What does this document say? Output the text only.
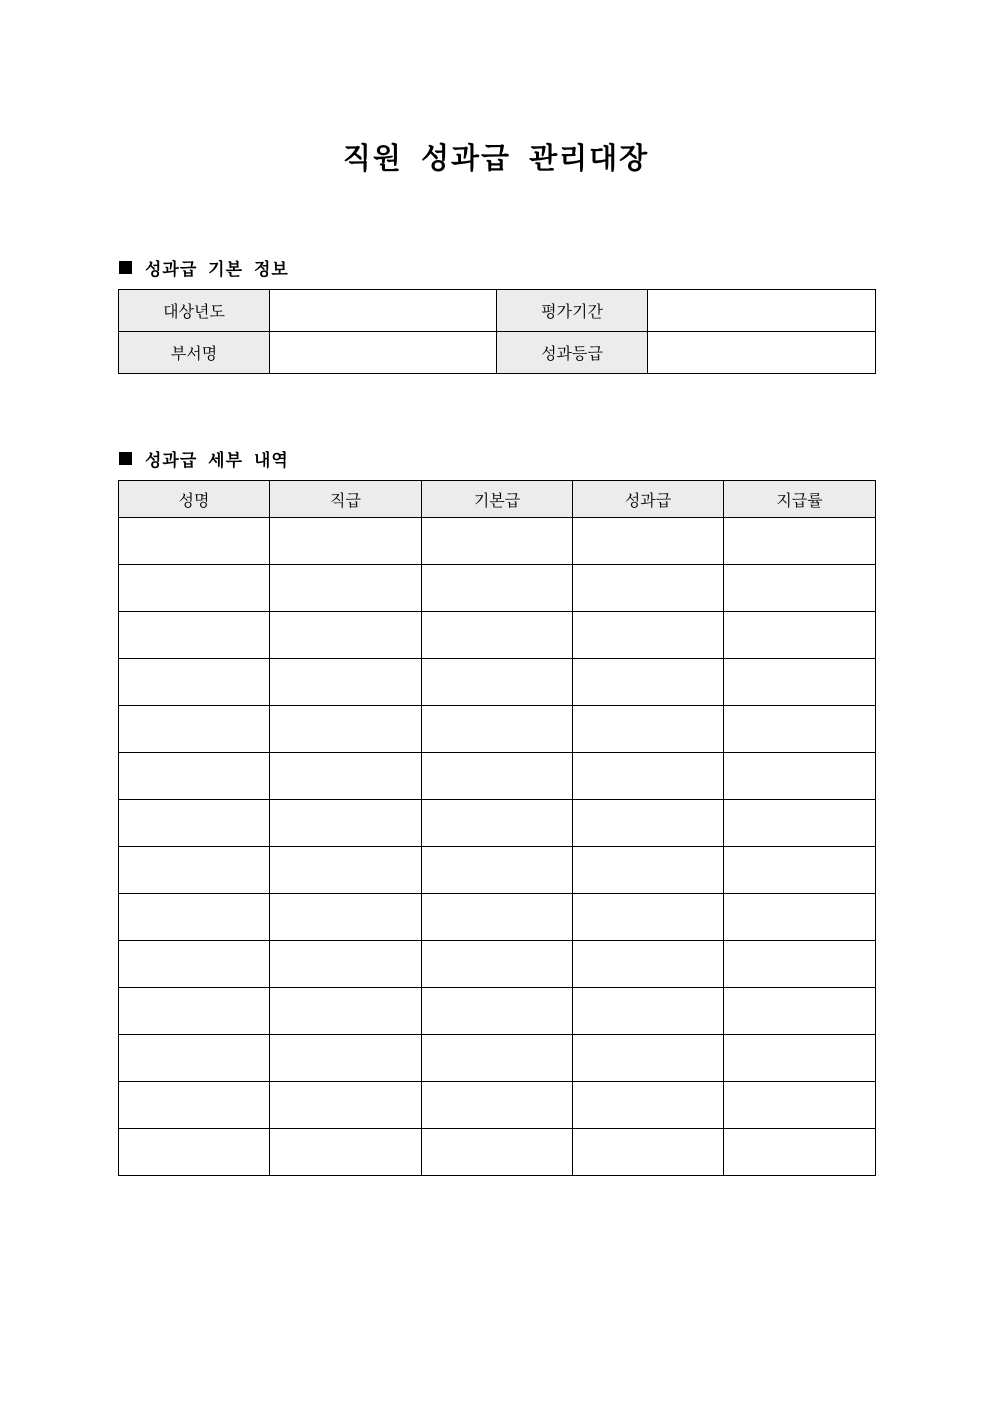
직원 성과급 관리대장
성과급 기본 정보
대상년도		평가기간	
부서명		성과등급	
성과급 세부 내역
성명	직급	기본급	성과급	지급률
